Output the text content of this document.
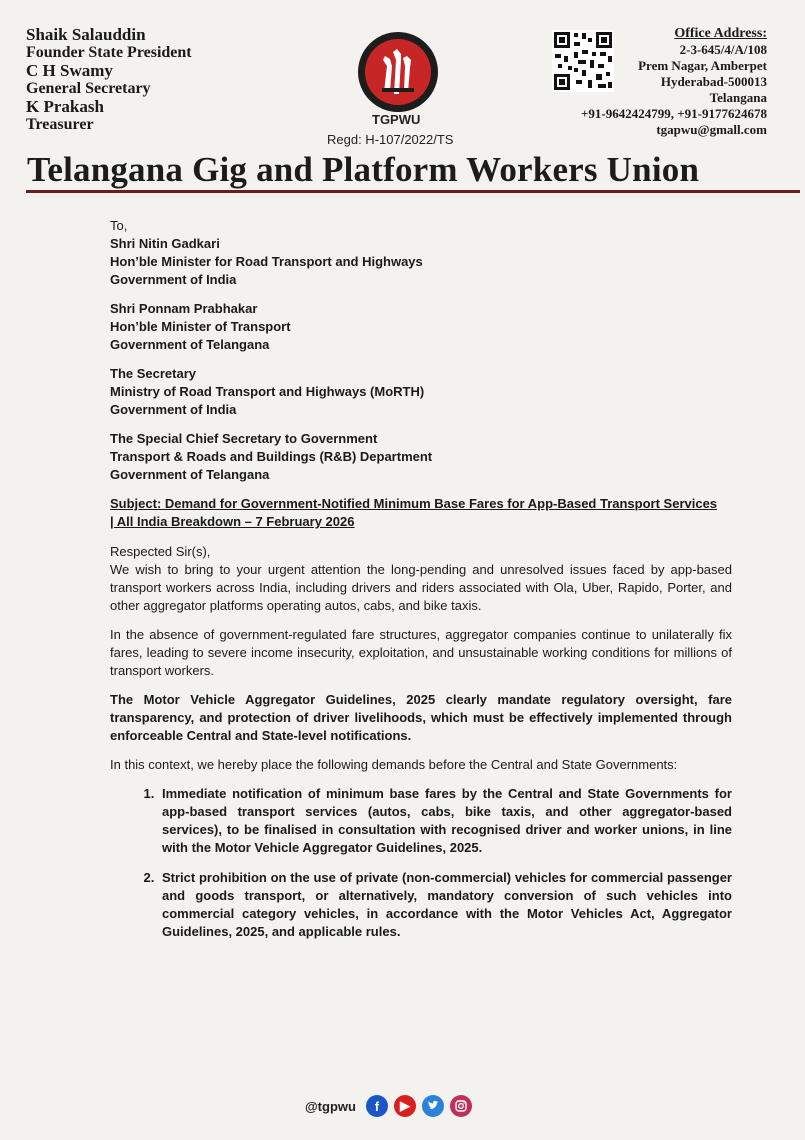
Shaik Salauddin
Founder State President
C H Swamy
General Secretary
K Prakash
Treasurer	TGPWU
Regd: H-107/2022/TS
Office Address:
2-3-645/4/A/108
Prem Nagar, Amberpet
Hyderabad-500013
Telangana
+91-9642424799, +91-9177624678
tgapwu@gmall.com
Telangana Gig and Platform Workers Union

To,

Shri Nitin Gadkari

Hon’ble Minister for Road Transport and Highways

Government of India

Shri Ponnam Prabhakar

Hon’ble Minister of Transport

Government of Telangana

The Secretary

Ministry of Road Transport and Highways (MoRTH)

Government of India

The Special Chief Secretary to Government

Transport & Roads and Buildings (R&B) Department

Government of Telangana

Subject: Demand for Government-Notified Minimum Base Fares for App-Based Transport Services
| All India Breakdown – 7 February 2026

Respected Sir(s),

We wish to bring to your urgent attention the long-pending and unresolved issues faced by app-based transport workers across India, including drivers and riders associated with Ola, Uber, Rapido, Porter, and other aggregator platforms operating autos, cabs, and bike taxis.

In the absence of government-regulated fare structures, aggregator companies continue to unilaterally fix fares, leading to severe income insecurity, exploitation, and unsustainable working conditions for millions of transport workers.

The Motor Vehicle Aggregator Guidelines, 2025 clearly mandate regulatory oversight, fare transparency, and protection of driver livelihoods, which must be effectively implemented through enforceable Central and State-level notifications.

In this context, we hereby place the following demands before the Central and State Governments:

1. Immediate notification of minimum base fares by the Central and State Governments for app-based transport services (autos, cabs, bike taxis, and other aggregator-based services), to be finalised in consultation with recognised driver and worker unions, in line with the Motor Vehicle Aggregator Guidelines, 2025.
2. Strict prohibition on the use of private (non-commercial) vehicles for commercial passenger and goods transport, or alternatively, mandatory conversion of such vehicles into commercial category vehicles, in accordance with the Motor Vehicles Act, Aggregator Guidelines, 2025, and applicable rules.
@tgpwu	f	▶
